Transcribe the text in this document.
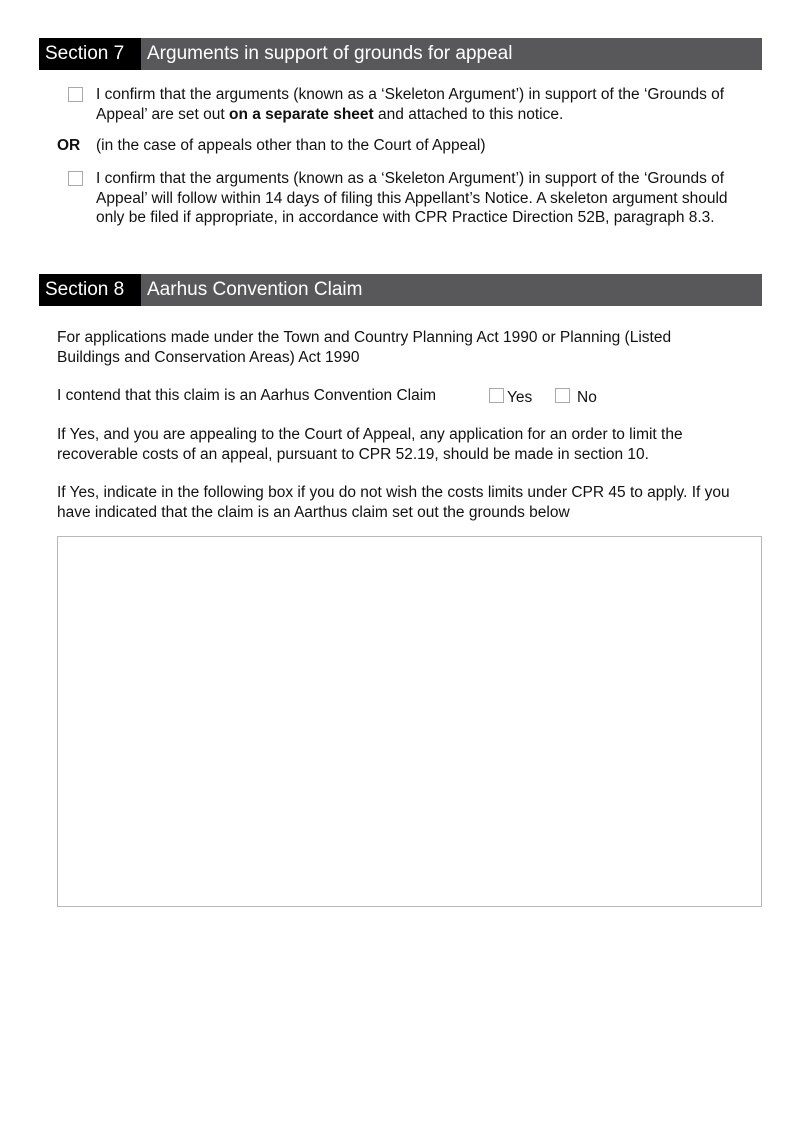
Section 7	Arguments in support of grounds for appeal
I confirm that the arguments (known as a ‘Skeleton Argument’) in support of the ‘Grounds of Appeal’ are set out on a separate sheet and attached to this notice.
OR (in the case of appeals other than to the Court of Appeal)
I confirm that the arguments (known as a ‘Skeleton Argument’) in support of the ‘Grounds of Appeal’ will follow within 14 days of filing this Appellant’s Notice. A skeleton argument should only be filed if appropriate, in accordance with CPR Practice Direction 52B, paragraph 8.3.
Section 8	Aarhus Convention Claim
For applications made under the Town and Country Planning Act 1990 or Planning (Listed Buildings and Conservation Areas) Act 1990
I contend that this claim is an Aarhus Convention Claim	Yes	No
If Yes, and you are appealing to the Court of Appeal, any application for an order to limit the recoverable costs of an appeal, pursuant to CPR 52.19, should be made in section 10.
If Yes, indicate in the following box if you do not wish the costs limits under CPR 45 to apply. If you have indicated that the claim is an Aarthus claim set out the grounds below
